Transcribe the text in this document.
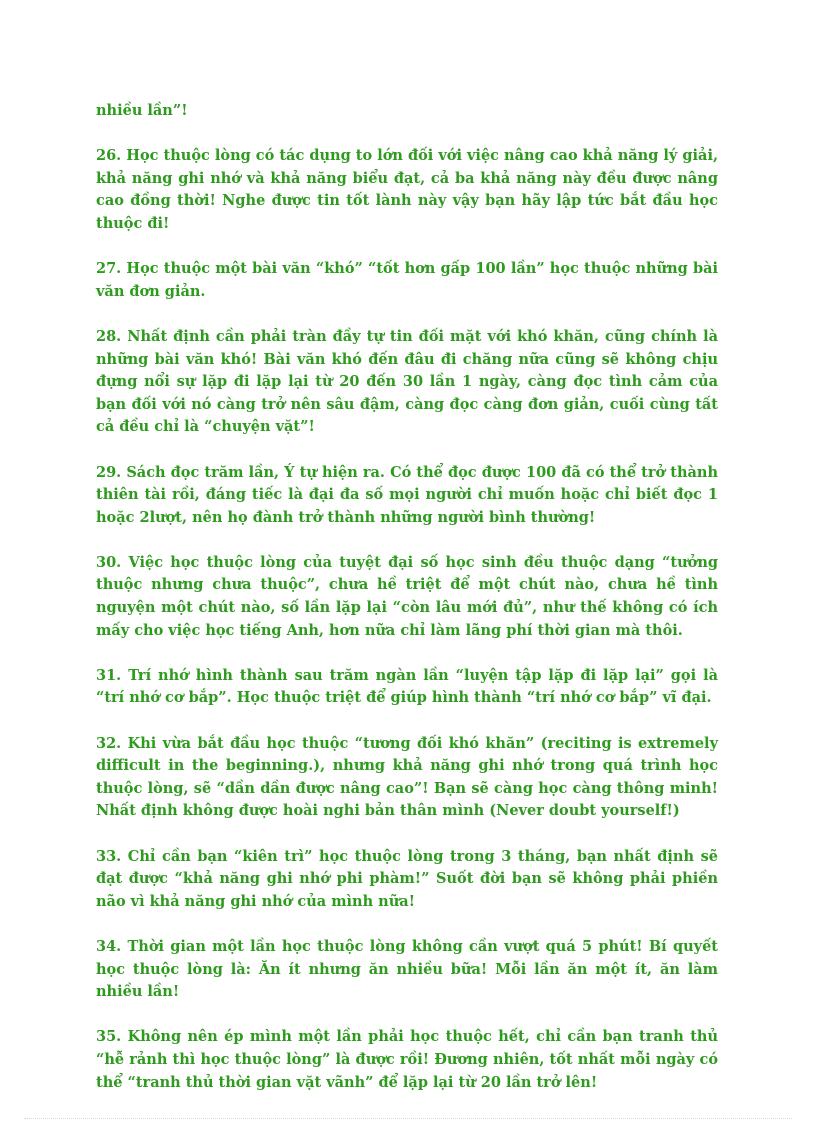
nhiều lần”!

26. Học thuộc lòng có tác dụng to lớn đối với việc nâng cao khả năng lý giải, khả năng ghi nhớ và khả năng biểu đạt, cả ba khả năng này đều được nâng cao đồng thời! Nghe được tin tốt lành này vậy bạn hãy lập tức bắt đầu học thuộc đi!

27. Học thuộc một bài văn “khó” “tốt hơn gấp 100 lần” học thuộc những bài văn đơn giản.

28. Nhất định cần phải tràn đầy tự tin đối mặt với khó khăn, cũng chính là những bài văn khó! Bài văn khó đến đâu đi chăng nữa cũng sẽ không chịu đựng nổi sự lặp đi lặp lại từ 20 đến 30 lần 1 ngày, càng đọc tình cảm của bạn đối với nó càng trở nên sâu đậm, càng đọc càng đơn giản, cuối cùng tất cả đều chỉ là “chuyện vặt”!

29. Sách đọc trăm lần, Ý tự hiện ra. Có thể đọc được 100 đã có thể trở thành thiên tài rồi, đáng tiếc là đại đa số mọi người chỉ muốn hoặc chỉ biết đọc 1 hoặc 2lượt, nên họ đành trở thành những người bình thường!

30. Việc học thuộc lòng của tuyệt đại số học sinh đều thuộc dạng “tưởng thuộc nhưng chưa thuộc”, chưa hề triệt để một chút nào, chưa hề tình nguyện một chút nào, số lần lặp lại “còn lâu mới đủ”, như thế không có ích mấy cho việc học tiếng Anh, hơn nữa chỉ làm lãng phí thời gian mà thôi.

31. Trí nhớ hình thành sau trăm ngàn lần “luyện tập lặp đi lặp lại” gọi là “trí nhớ cơ bắp”. Học thuộc triệt để giúp hình thành “trí nhớ cơ bắp” vĩ đại.

32. Khi vừa bắt đầu học thuộc “tương đối khó khăn” (reciting is extremely difficult in the beginning.), nhưng khả năng ghi nhớ trong quá trình học thuộc lòng, sẽ “dần dần được nâng cao”! Bạn sẽ càng học càng thông minh! Nhất định không được hoài nghi bản thân mình (Never doubt yourself!)

33. Chỉ cần bạn “kiên trì” học thuộc lòng trong 3 tháng, bạn nhất định sẽ đạt được “khả năng ghi nhớ phi phàm!” Suốt đời bạn sẽ không phải phiền não vì khả năng ghi nhớ của mình nữa!

34. Thời gian một lần học thuộc lòng không cần vượt quá 5 phút! Bí quyết học thuộc lòng là: Ăn ít nhưng ăn nhiều bữa! Mỗi lần ăn một ít, ăn làm nhiều lần!

35. Không nên ép mình một lần phải học thuộc hết, chỉ cần bạn tranh thủ “hễ rảnh thì học thuộc lòng” là được rồi! Đương nhiên, tốt nhất mỗi ngày có thể “tranh thủ thời gian vặt vãnh” để lặp lại từ 20 lần trở lên!
